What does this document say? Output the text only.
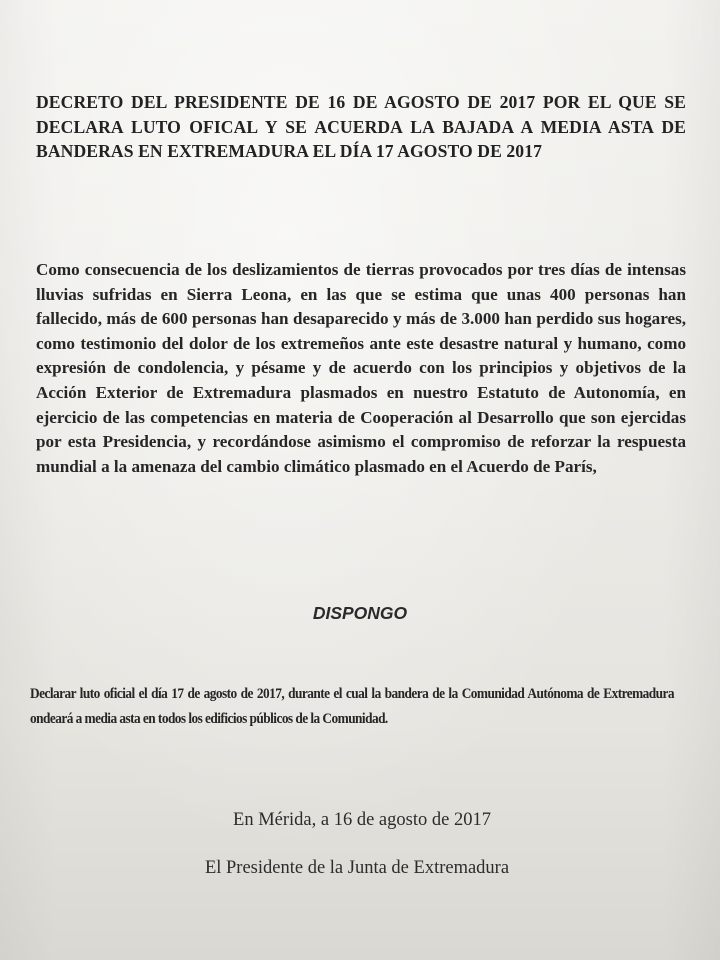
DECRETO DEL PRESIDENTE DE 16 DE AGOSTO DE 2017 POR EL QUE SE DECLARA LUTO OFICAL Y SE ACUERDA LA BAJADA A MEDIA ASTA DE BANDERAS EN EXTREMADURA EL DÍA 17 AGOSTO DE 2017

Como consecuencia de los deslizamientos de tierras provocados por tres días de intensas lluvias sufridas en Sierra Leona, en las que se estima que unas 400 personas han fallecido, más de 600 personas han desaparecido y más de 3.000 han perdido sus hogares, como testimonio del dolor de los extremeños ante este desastre natural y humano, como expresión de condolencia, y pésame y de acuerdo con los principios y objetivos de la Acción Exterior de Extremadura plasmados en nuestro Estatuto de Autonomía, en ejercicio de las competencias en materia de Cooperación al Desarrollo que son ejercidas por esta Presidencia, y recordándose asimismo el compromiso de reforzar la respuesta mundial a la amenaza del cambio climático plasmado en el Acuerdo de París,

DISPONGO

Declarar luto oficial el día 17 de agosto de 2017, durante el cual la bandera de la Comunidad Autónoma de Extremadura ondeará a media asta en todos los edificios públicos de la Comunidad.

En Mérida, a 16 de agosto de 2017

El Presidente de la Junta de Extremadura
